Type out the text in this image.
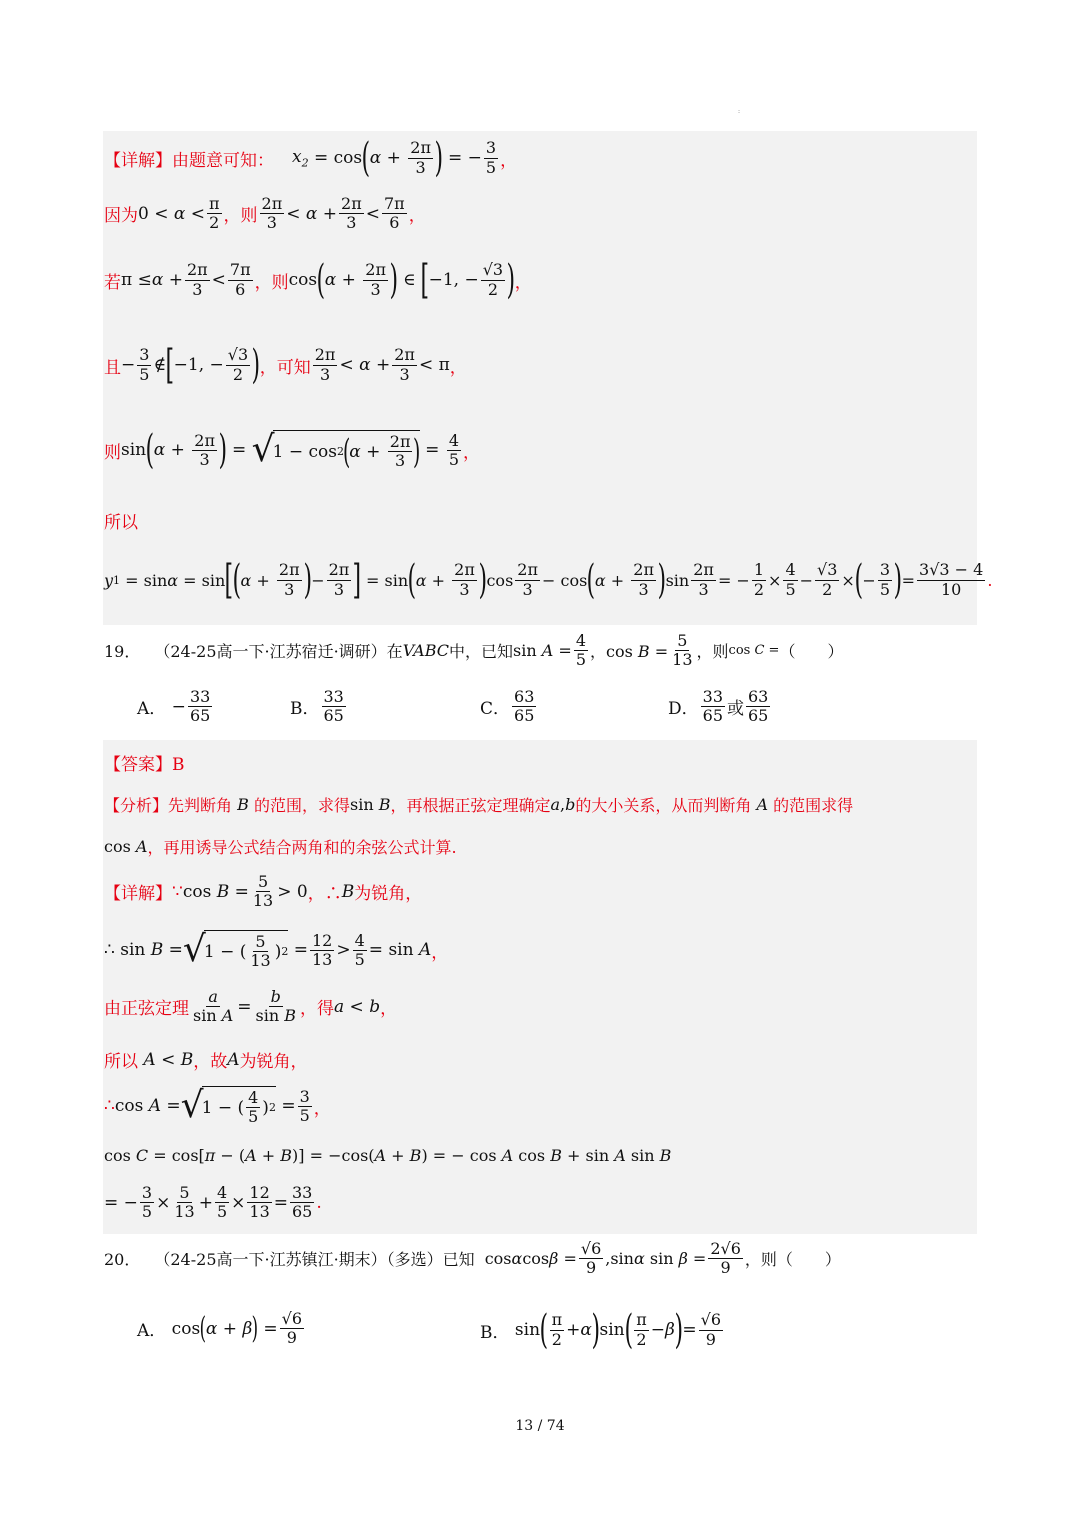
:
【详解】由题意可知： $x_2 = \cos$ ( $\alpha + \frac{2\pi}{3}$ ) = − $\frac{3}{5}$ ，
因为 0 < α <
π
2 ，则
2π
$3 < \alpha + \frac{2\pi}{3}$ <
7π
6 ，
若 $\pi \le \alpha + \frac{2\pi}{3}$ <
7π
6 ，则 cos ( $\alpha + \frac{2\pi}{3}$ ) ∈ [ −1, − $\frac{√3}{2}$ ) ，
且 − $\frac{3}{5}$ ∉ [ −1, − $\frac{√3}{2}$ ) ，可知
2π
$3 < \alpha + \frac{2\pi}{3} < \pi$ ，
则 sin ( $\alpha + \frac{2\pi}{3}$ ) = √
1 − cos 2
(
α +
2π
3 )
= $\frac{4}{5}$ ，
所以
y 1 = sin α = sin [ ( $\alpha + \frac{2\pi}{3}$ ) − $\frac{2\pi}{3}$ ] = sin ( $\alpha + \frac{2\pi}{3}$ ) cos
2π
3 − cos ( $\alpha + \frac{2\pi}{3}$ ) $\sin \frac{2\pi}{3}$ = − $\frac{1}{2} \times \frac{4}{5} - \frac{√3}{2}$ × ( − $\frac{3}{5}$ ) = $\frac{3√3 - 4}{10}$ .
19． （24-25高一下·江苏宿迁·调研）在 VABC 中，已知 $\sin A = \frac{4}{5}$ ，$\cos B = \frac{5}{13}$ ，则 cos C = （　　）
A． − $\frac{33}{65}$	B．
33
65	C．
63
65	D．
33
65 或
63
65
【答案】B
【分析】 先判断角 B 的范围，求得 sin B ，再根据正弦定理确定 a , b 的大小关系，从而判断角 A 的范围求得
cos A ，再用诱导公式结合两角和的余弦公式计算.
【详解】 ∵ $\cos B = \frac{5}{13} > 0$ ，∴ B 为锐角，
∴ sin B = √
1 − (
5
13 ) $2 = \frac{12}{13} > \frac{4}{5} = \sin A$ ，
由正弦定理 $\frac{a}{\text{sin A}} = \frac{b}{\text{sin B}}$ ，得 a < b ，
所以 A < B ，故 A 为锐角，
∴ cos A = √
1 − (
4
5 ) $2 = \frac{3}{5}$ ，
cos C = cos[π − (A + B)] = −cos(A + B) = − cos A cos B + sin A sin B
= − $\frac{3}{5} \times \frac{5}{13} + \frac{4}{5} \times \frac{12}{13} = \frac{33}{65}$ .
20． （24-25高一下·江苏镇江·期末）（多选）已知 $\cos\alpha\cos\beta = \frac{√6}{9} ,\sin\alpha$ $\sin \beta = \frac{2√6}{9}$ ，则（　　）
A． cos ( α + β ) = $\frac{√6}{9}$	B． sin ( π
2 + α ) sin ( π
2 − β ) = $\frac{√6}{9}$
13 / 74
